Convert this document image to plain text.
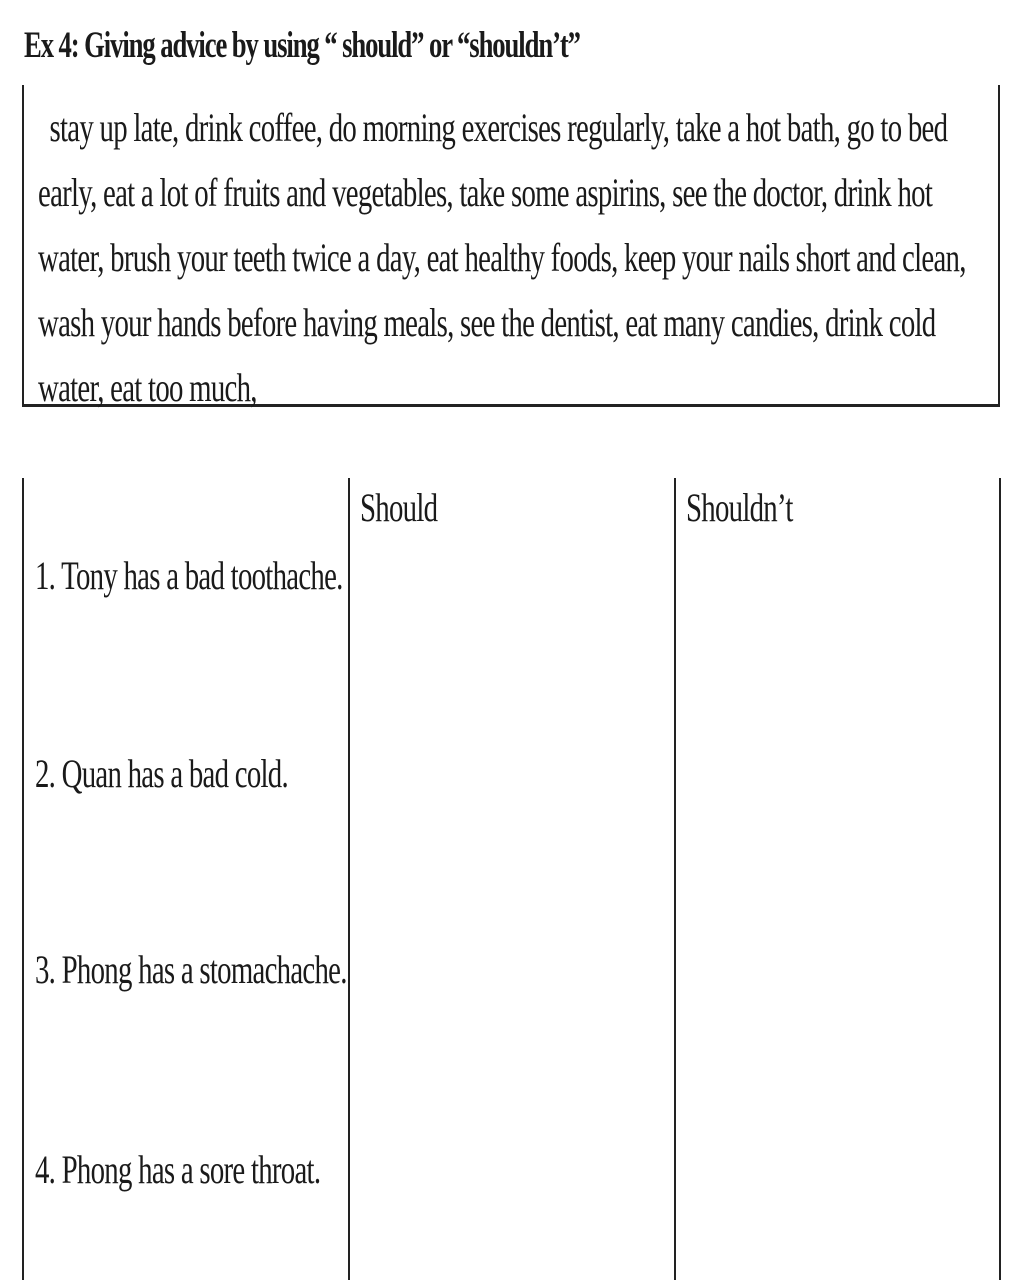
Ex 4: Giving advice by using “ should” or “shouldn’t”

stay up late, drink coffee, do morning exercises regularly, take a hot bath, go to bed early, eat a lot of fruits and vegetables, take some aspirins, see the doctor, drink hot water, brush your teeth twice a day, eat healthy foods, keep your nails short and clean, wash your hands before having meals, see the dentist, eat many candies, drink cold water, eat too much,

Should	Shouldn’t
1. Tony has a bad toothache.
2. Quan has a bad cold.
3. Phong has a stomachache.
4. Phong has a sore throat.
